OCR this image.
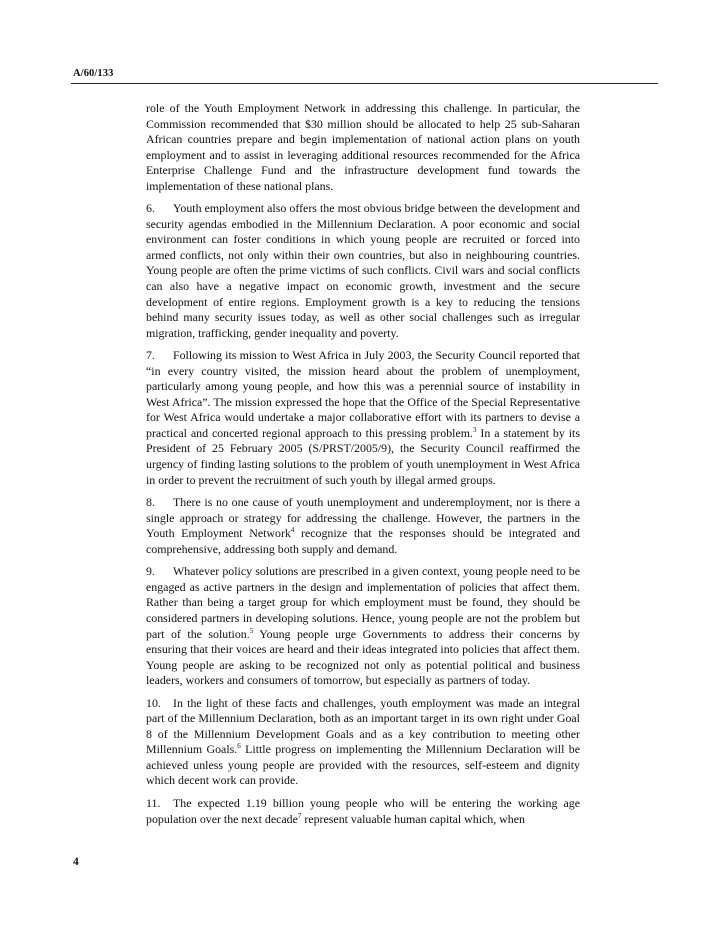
A/60/133

role of the Youth Employment Network in addressing this challenge. In particular, the Commission recommended that $30 million should be allocated to help 25 sub-Saharan African countries prepare and begin implementation of national action plans on youth employment and to assist in leveraging additional resources recommended for the Africa Enterprise Challenge Fund and the infrastructure development fund towards the implementation of these national plans.

6. Youth employment also offers the most obvious bridge between the development and security agendas embodied in the Millennium Declaration. A poor economic and social environment can foster conditions in which young people are recruited or forced into armed conflicts, not only within their own countries, but also in neighbouring countries. Young people are often the prime victims of such conflicts. Civil wars and social conflicts can also have a negative impact on economic growth, investment and the secure development of entire regions. Employment growth is a key to reducing the tensions behind many security issues today, as well as other social challenges such as irregular migration, trafficking, gender inequality and poverty.

7. Following its mission to West Africa in July 2003, the Security Council reported that “in every country visited, the mission heard about the problem of unemployment, particularly among young people, and how this was a perennial source of instability in West Africa”. The mission expressed the hope that the Office of the Special Representative for West Africa would undertake a major collaborative effort with its partners to devise a practical and concerted regional approach to this pressing problem.$^3$ In a statement by its President of 25 February 2005 (S/PRST/2005/9), the Security Council reaffirmed the urgency of finding lasting solutions to the problem of youth unemployment in West Africa in order to prevent the recruitment of such youth by illegal armed groups.

8. There is no one cause of youth unemployment and underemployment, nor is there a single approach or strategy for addressing the challenge. However, the partners in the Youth Employment Network$^4$ recognize that the responses should be integrated and comprehensive, addressing both supply and demand.

9. Whatever policy solutions are prescribed in a given context, young people need to be engaged as active partners in the design and implementation of policies that affect them. Rather than being a target group for which employment must be found, they should be considered partners in developing solutions. Hence, young people are not the problem but part of the solution.$^5$ Young people urge Governments to address their concerns by ensuring that their voices are heard and their ideas integrated into policies that affect them. Young people are asking to be recognized not only as potential political and business leaders, workers and consumers of tomorrow, but especially as partners of today.

10. In the light of these facts and challenges, youth employment was made an integral part of the Millennium Declaration, both as an important target in its own right under Goal 8 of the Millennium Development Goals and as a key contribution to meeting other Millennium Goals.$^6$ Little progress on implementing the Millennium Declaration will be achieved unless young people are provided with the resources, self-esteem and dignity which decent work can provide.

11. The expected 1.19 billion young people who will be entering the working age population over the next decade$^7$ represent valuable human capital which, when

4
